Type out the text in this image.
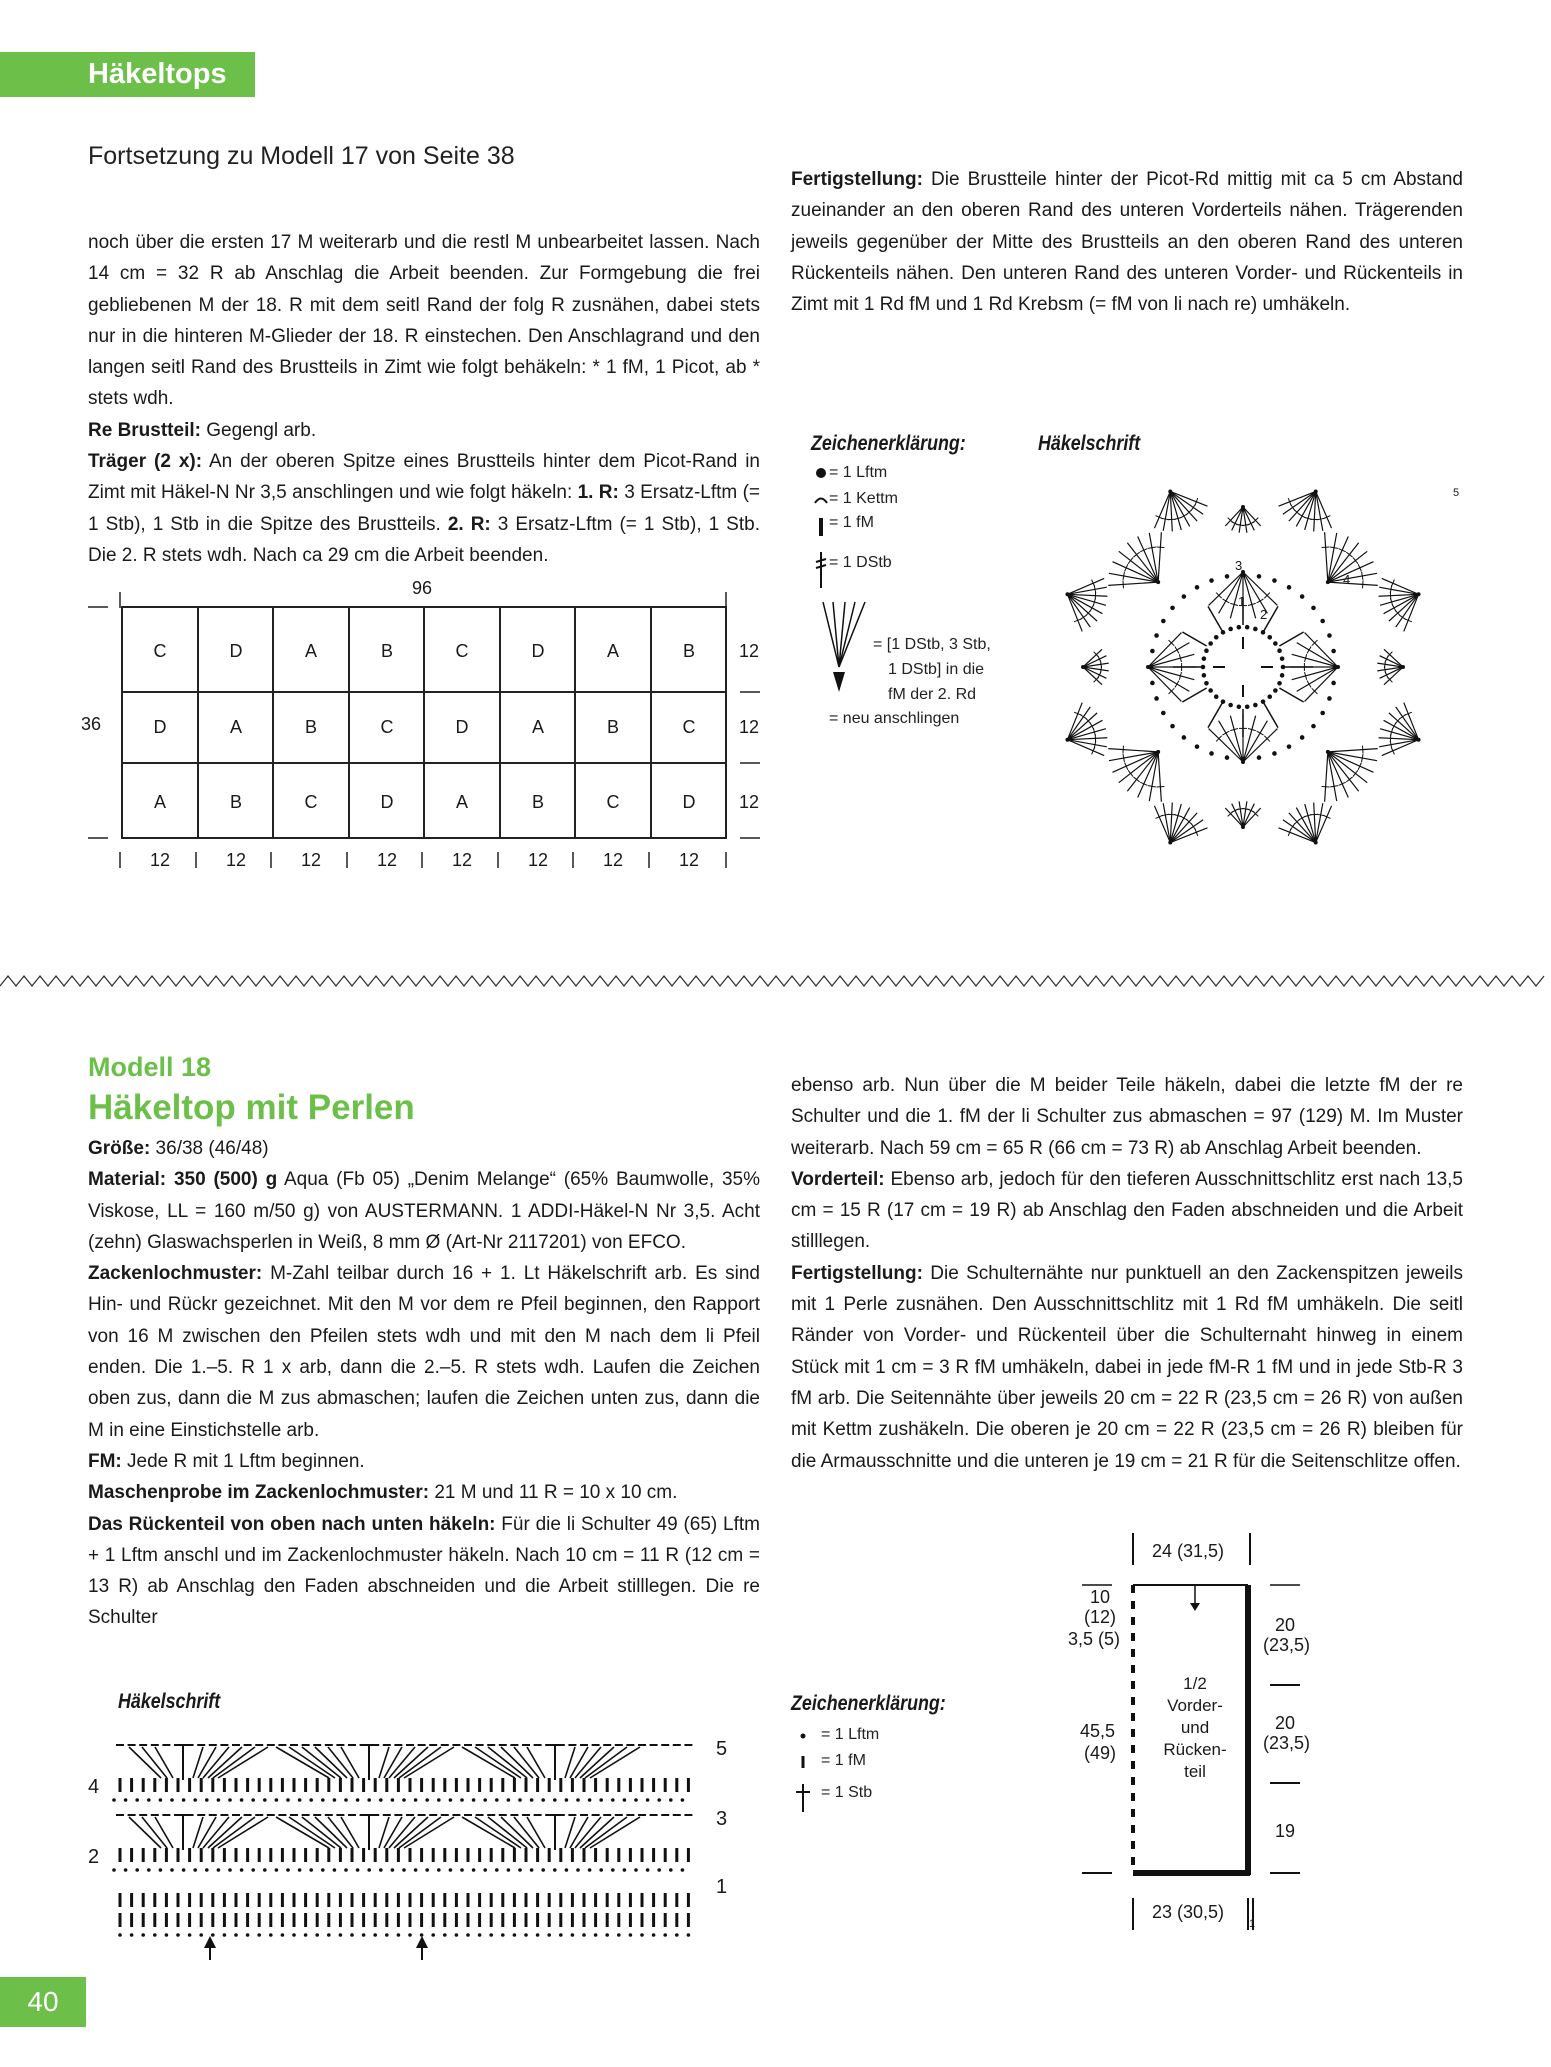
Häkeltops
Fortsetzung zu Modell 17 von Seite 38

noch über die ersten 17 M weiterarb und die restl M unbearbeitet lassen. Nach 14 cm = 32 R ab Anschlag die Arbeit beenden. Zur Formgebung die frei gebliebenen M der 18. R mit dem seitl Rand der folg R zusnähen, dabei stets nur in die hinteren M-Glieder der 18. R einstechen. Den Anschlagrand und den langen seitl Rand des Brustteils in Zimt wie folgt behäkeln: * 1 fM, 1 Picot, ab * stets wdh.

Re Brustteil: Gegengl arb.

Träger (2 x): An der oberen Spitze eines Brustteils hinter dem Picot-Rand in Zimt mit Häkel-N Nr 3,5 anschlingen und wie folgt häkeln: 1. R: 3 Ersatz-Lftm (= 1 Stb), 1 Stb in die Spitze des Brustteils. 2. R: 3 Ersatz-Lftm (= 1 Stb), 1 Stb. Die 2. R stets wdh. Nach ca 29 cm die Arbeit beenden.

Fertigstellung: Die Brustteile hinter der Picot-Rd mittig mit ca 5 cm Abstand zueinander an den oberen Rand des unteren Vorderteils nähen. Trägerenden jeweils gegenüber der Mitte des Brustteils an den oberen Rand des unteren Rückenteils nähen. Den unteren Rand des unteren Vorder- und Rückenteils in Zimt mit 1 Rd fM und 1 Rd Krebsm (= fM von li nach re) umhäkeln.

96
36
C	D	A	B	C	D	A	B
D	A	B	C	D	A	B	C
A	B	C	D	A	B	C	D
12
12
12
12	12	12	12	12	12	12	12
Zeichenerklärung:
= 1 Lftm
= 1 Kettm
= 1 fM
= 1 DStb
= [1 DStb, 3 Stb,
1 DStb] in die
fM der 2. Rd
= neu anschlingen
Häkelschrift
1
2
3
4
5
Modell 18
Häkeltop mit Perlen

Größe: 36/38 (46/48)

Material: 350 (500) g Aqua (Fb 05) „Denim Melange“ (65% Baumwolle, 35% Viskose, LL = 160 m/50 g) von AUSTERMANN. 1 ADDI-Häkel-N Nr 3,5. Acht (zehn) Glaswachsperlen in Weiß, 8 mm Ø (Art-Nr 2117201) von EFCO.

Zackenlochmuster: M-Zahl teilbar durch 16 + 1. Lt Häkelschrift arb. Es sind Hin- und Rückr gezeichnet. Mit den M vor dem re Pfeil beginnen, den Rapport von 16 M zwischen den Pfeilen stets wdh und mit den M nach dem li Pfeil enden. Die 1.–5. R 1 x arb, dann die 2.–5. R stets wdh. Laufen die Zeichen oben zus, dann die M zus abmaschen; laufen die Zeichen unten zus, dann die M in eine Einstichstelle arb.

FM: Jede R mit 1 Lftm beginnen.

Maschenprobe im Zackenlochmuster: 21 M und 11 R = 10 x 10 cm.

Das Rückenteil von oben nach unten häkeln: Für die li Schulter 49 (65) Lftm + 1 Lftm anschl und im Zackenlochmuster häkeln. Nach 10 cm = 11 R (12 cm = 13 R) ab Anschlag den Faden abschneiden und die Arbeit stilllegen. Die re Schulter

ebenso arb. Nun über die M beider Teile häkeln, dabei die letzte fM der re Schulter und die 1. fM der li Schulter zus abmaschen = 97 (129) M. Im Muster weiterarb. Nach 59 cm = 65 R (66 cm = 73 R) ab Anschlag Arbeit beenden.

Vorderteil: Ebenso arb, jedoch für den tieferen Ausschnittschlitz erst nach 13,5 cm = 15 R (17 cm = 19 R) ab Anschlag den Faden abschneiden und die Arbeit stilllegen.

Fertigstellung: Die Schulternähte nur punktuell an den Zackenspitzen jeweils mit 1 Perle zusnähen. Den Ausschnittschlitz mit 1 Rd fM umhäkeln. Die seitl Ränder von Vorder- und Rückenteil über die Schulternaht hinweg in einem Stück mit 1 cm = 3 R fM umhäkeln, dabei in jede fM-R 1 fM und in jede Stb-R 3 fM arb. Die Seitennähte über jeweils 20 cm = 22 R (23,5 cm = 26 R) von außen mit Kettm zushäkeln. Die oberen je 20 cm = 22 R (23,5 cm = 26 R) bleiben für die Armausschnitte und die unteren je 19 cm = 21 R für die Seitenschlitze offen.

Häkelschrift
5
4
3
2
1
Zeichenerklärung:
= 1 Lftm
= 1 fM
= 1 Stb
24 (31,5)
10
(12)
3,5 (5)
45,5
(49)
20
(23,5)
20
(23,5)
19
23 (30,5)
1
1/2
Vorder-
und
Rücken-
teil
40
